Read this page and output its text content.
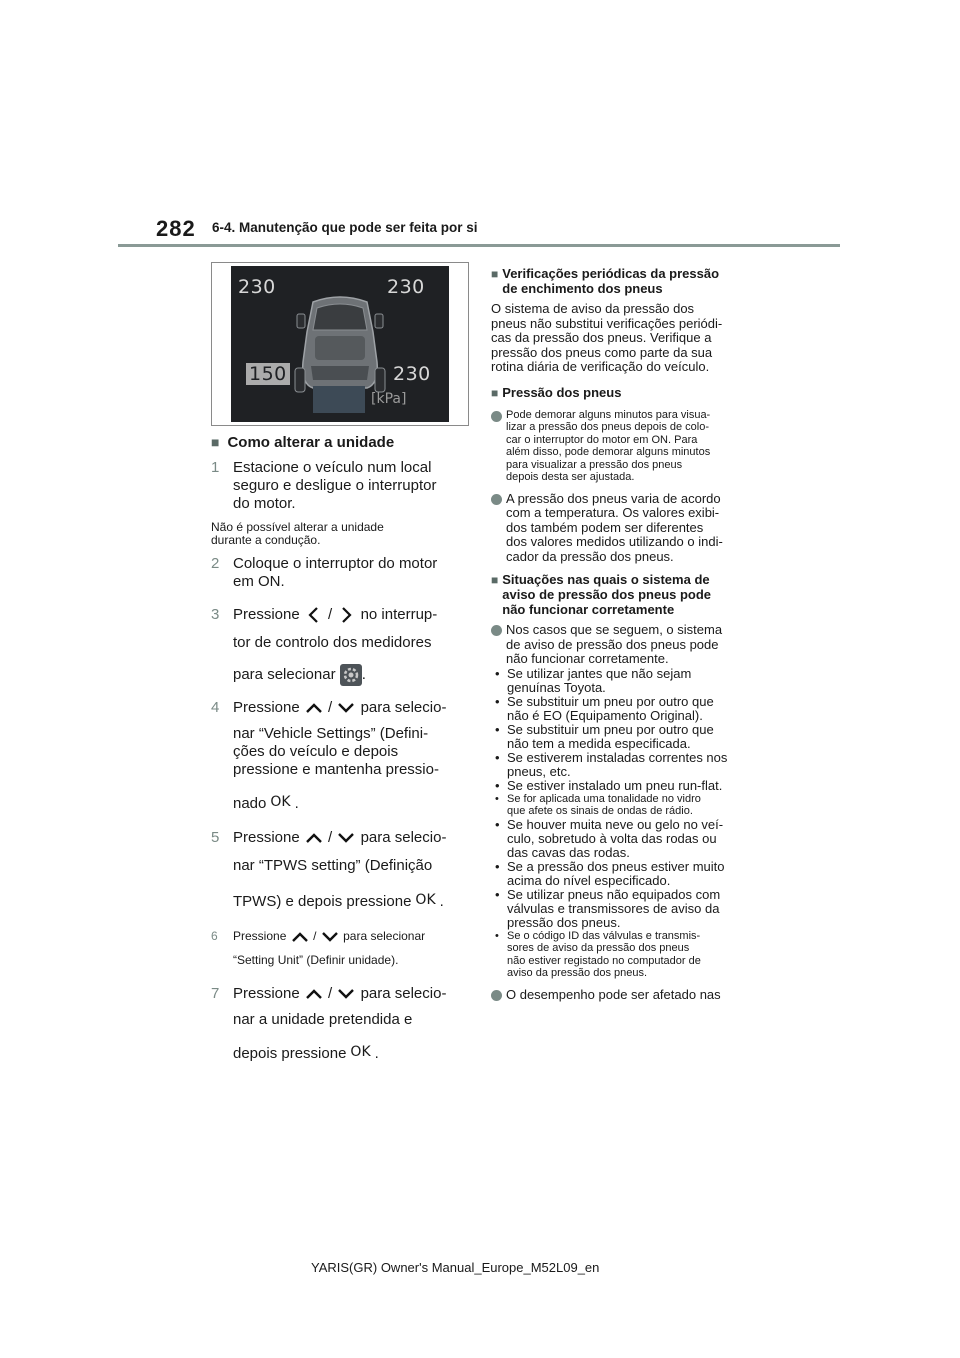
282 6-4. Manutenção que pode ser feita por si
230	230
150	230
[kPa]
■ Como alterar a unidade
1 Estacione o veículo num local
seguro e desligue o interruptor
do motor.
Não é possível alterar a unidade
durante a condução.
2 Coloque o interruptor do motor
em ON.
3 Pressione / no interrup-
tor de controlo dos medidores
para selecionar .
4 Pressione / para selecio-
nar “Vehicle Settings” (Defini-
ções do veículo e depois
pressione e mantenha pressio-
nado OK .
5 Pressione / para selecio-
nar “TPWS setting” (Definição
TPWS) e depois pressione OK .
6	Pressione / para selecionar
“Setting Unit” (Definir unidade).
7 Pressione / para selecio-
nar a unidade pretendida e
depois pressione OK .
■ Verificações periódicas da pressão
de enchimento dos pneus
O sistema de aviso da pressão dos
pneus não substitui verificações periódi-
cas da pressão dos pneus. Verifique a
pressão dos pneus como parte da sua
rotina diária de verificação do veículo.
■ Pressão dos pneus
Pode demorar alguns minutos para visua-
lizar a pressão dos pneus depois de colo-
car o interruptor do motor em ON. Para
além disso, pode demorar alguns minutos
para visualizar a pressão dos pneus
depois desta ser ajustada.
A pressão dos pneus varia de acordo
com a temperatura. Os valores exibi-
dos também podem ser diferentes
dos valores medidos utilizando o indi-
cador da pressão dos pneus.
■ Situações nas quais o sistema de
aviso de pressão dos pneus pode
não funcionar corretamente
Nos casos que se seguem, o sistema
de aviso de pressão dos pneus pode
não funcionar corretamente.
• Se utilizar jantes que não sejam
genuínas Toyota.
• Se substituir um pneu por outro que
não é EO (Equipamento Original).
• Se substituir um pneu por outro que
não tem a medida especificada.
• Se estiverem instaladas correntes nos
pneus, etc.
• Se estiver instalado um pneu run-flat.
• Se for aplicada uma tonalidade no vidro
que afete os sinais de ondas de rádio.
• Se houver muita neve ou gelo no veí-
culo, sobretudo à volta das rodas ou
das cavas das rodas.
• Se a pressão dos pneus estiver muito
acima do nível especificado.
• Se utilizar pneus não equipados com
válvulas e transmissores de aviso da
pressão dos pneus.
• Se o código ID das válvulas e transmis-
sores de aviso da pressão dos pneus
não estiver registado no computador de
aviso da pressão dos pneus.
O desempenho pode ser afetado nas
YARIS(GR) Owner's Manual_Europe_M52L09_en
